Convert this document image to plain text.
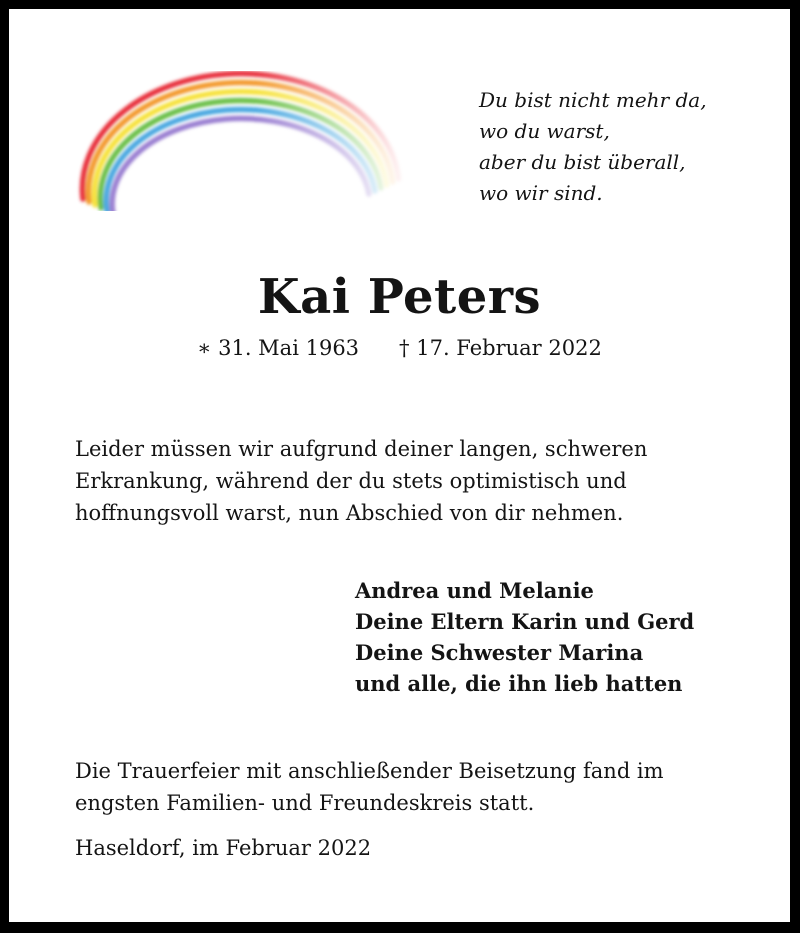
Du bist nicht mehr da,
wo du warst,
aber du bist überall,
wo wir sind.
Kai Peters
∗ 31. Mai 1963 † 17. Februar 2022
Leider müssen wir aufgrund deiner langen, schweren
Erkrankung, während der du stets optimistisch und
hoffnungsvoll warst, nun Abschied von dir nehmen.
Andrea und Melanie
Deine Eltern Karin und Gerd
Deine Schwester Marina
und alle, die ihn lieb hatten
Die Trauerfeier mit anschließender Beisetzung fand im
engsten Familien- und Freundeskreis statt.
Haseldorf, im Februar 2022
